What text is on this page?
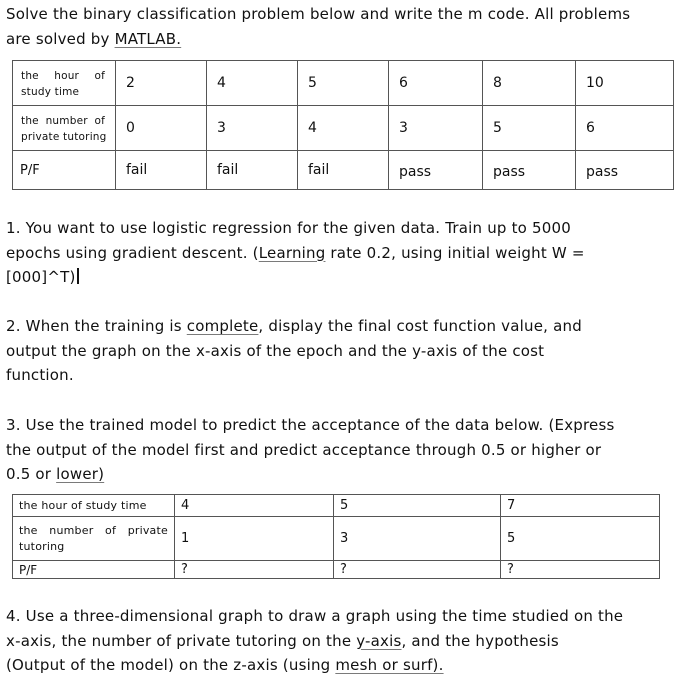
Solve the binary classification problem below and write the m code. All problems
are solved by MATLAB.
the hour of
study time	2	4	5	6	8	10

the number of
private tutoring	0	3	4	3	5	6
P/F	fail	fail	fail	pass	pass	pass
1. You want to use logistic regression for the given data. Train up to 5000
epochs using gradient descent. (Learning rate 0.2, using initial weight W =
[000]^T)
2. When the training is complete, display the final cost function value, and
output the graph on the x-axis of the epoch and the y-axis of the cost
function.
3. Use the trained model to predict the acceptance of the data below. (Express
the output of the model first and predict acceptance through 0.5 or higher or
0.5 or lower)
the hour of study time	4	5	7

the number of private
tutoring	1	3	5
P/F	?	?	?
4. Use a three-dimensional graph to draw a graph using the time studied on the
x-axis, the number of private tutoring on the y-axis, and the hypothesis
(Output of the model) on the z-axis (using mesh or surf).
